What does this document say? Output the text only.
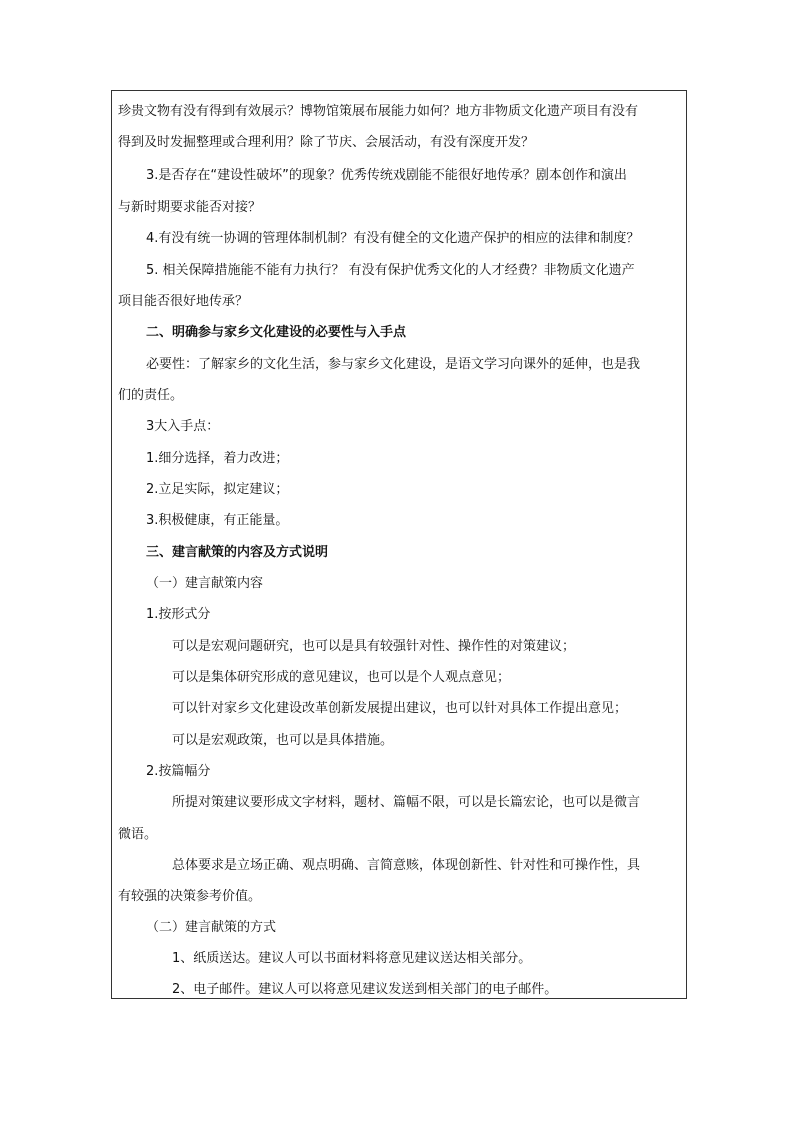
珍贵文物有没有得到有效展示？博物馆策展布展能力如何？地方非物质文化遗产项目有没有
得到及时发掘整理或合理利用？除了节庆、会展活动，有没有深度开发？
3.是否存在“建设性破坏”的现象？优秀传统戏剧能不能很好地传承？剧本创作和演出
与新时期要求能否对接？
4.有没有统一协调的管理体制机制？有没有健全的文化遗产保护的相应的法律和制度？
5. 相关保障措施能不能有力执行？ 有没有保护优秀文化的人才经费？非物质文化遗产
项目能否很好地传承？
二、明确参与家乡文化建设的必要性与入手点
必要性：了解家乡的文化生活，参与家乡文化建设，是语文学习向课外的延伸，也是我
们的责任。
3大入手点：
1.细分选择，着力改进；
2.立足实际，拟定建议；
3.积极健康，有正能量。
三、建言献策的内容及方式说明
（一）建言献策内容
1.按形式分
可以是宏观问题研究，也可以是具有较强针对性、操作性的对策建议；
可以是集体研究形成的意见建议，也可以是个人观点意见；
可以针对家乡文化建设改革创新发展提出建议，也可以针对具体工作提出意见；
可以是宏观政策，也可以是具体措施。
2.按篇幅分
所提对策建议要形成文字材料，题材、篇幅不限，可以是长篇宏论，也可以是微言
微语。
总体要求是立场正确、观点明确、言简意赅，体现创新性、针对性和可操作性，具
有较强的决策参考价值。
（二）建言献策的方式
1、纸质送达。建议人可以书面材料将意见建议送达相关部分。
2、电子邮件。建议人可以将意见建议发送到相关部门的电子邮件。
